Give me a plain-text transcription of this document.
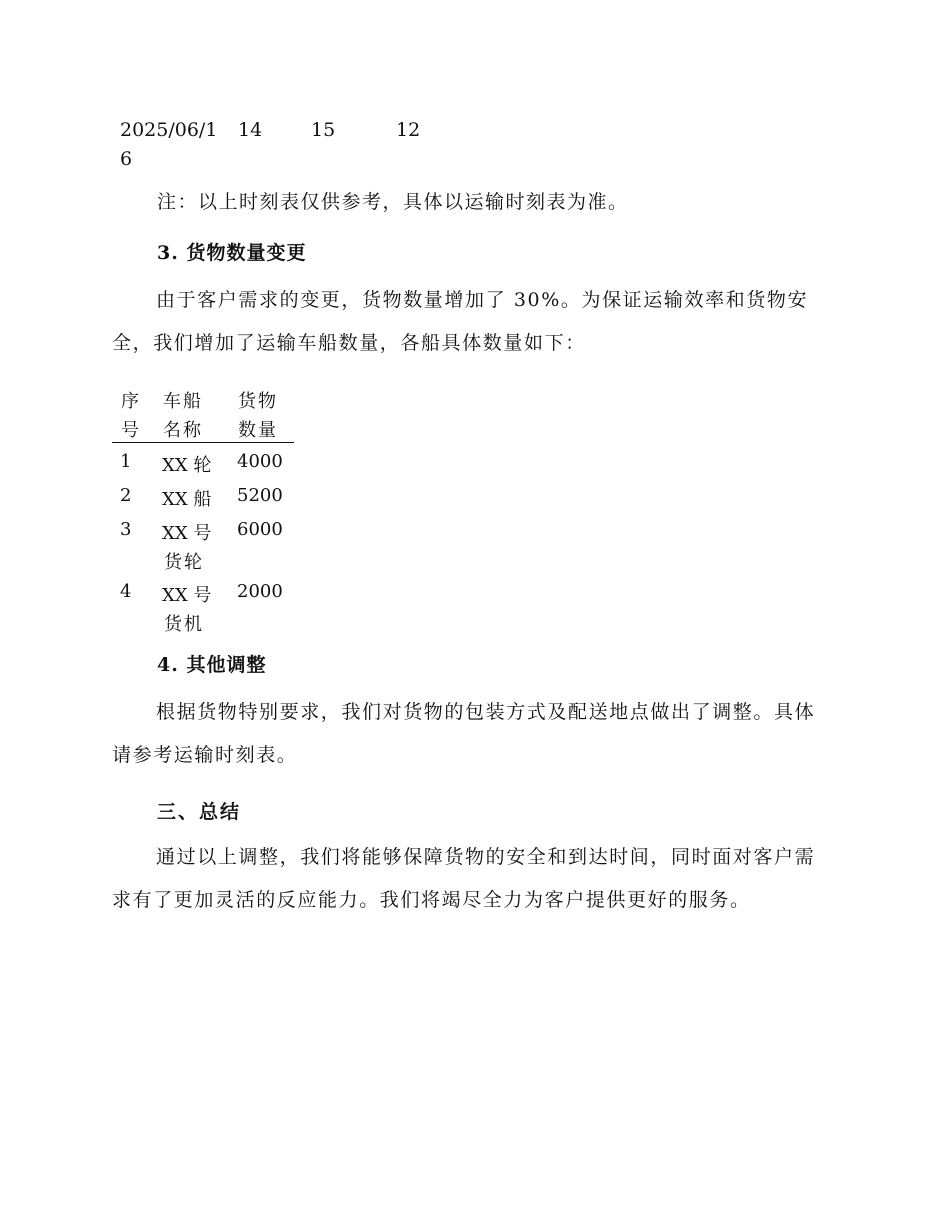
2025/06/1
6
14	15	12
注：以上时刻表仅供参考，具体以运输时刻表为准。
3. 货物数量变更
由于客户需求的变更，货物数量增加了 30%。为保证运输效率和货物安全，我们增加了运输车船数量，各船具体数量如下：
序
号
车船
名称
货物
数量
1 XX 轮 4000
2 XX 船 5200
3 XX 号
货轮
6000
4 XX 号
货机
2000
4. 其他调整
根据货物特别要求，我们对货物的包装方式及配送地点做出了调整。具体请参考运输时刻表。
三、总结
通过以上调整，我们将能够保障货物的安全和到达时间，同时面对客户需求有了更加灵活的反应能力。我们将竭尽全力为客户提供更好的服务。
